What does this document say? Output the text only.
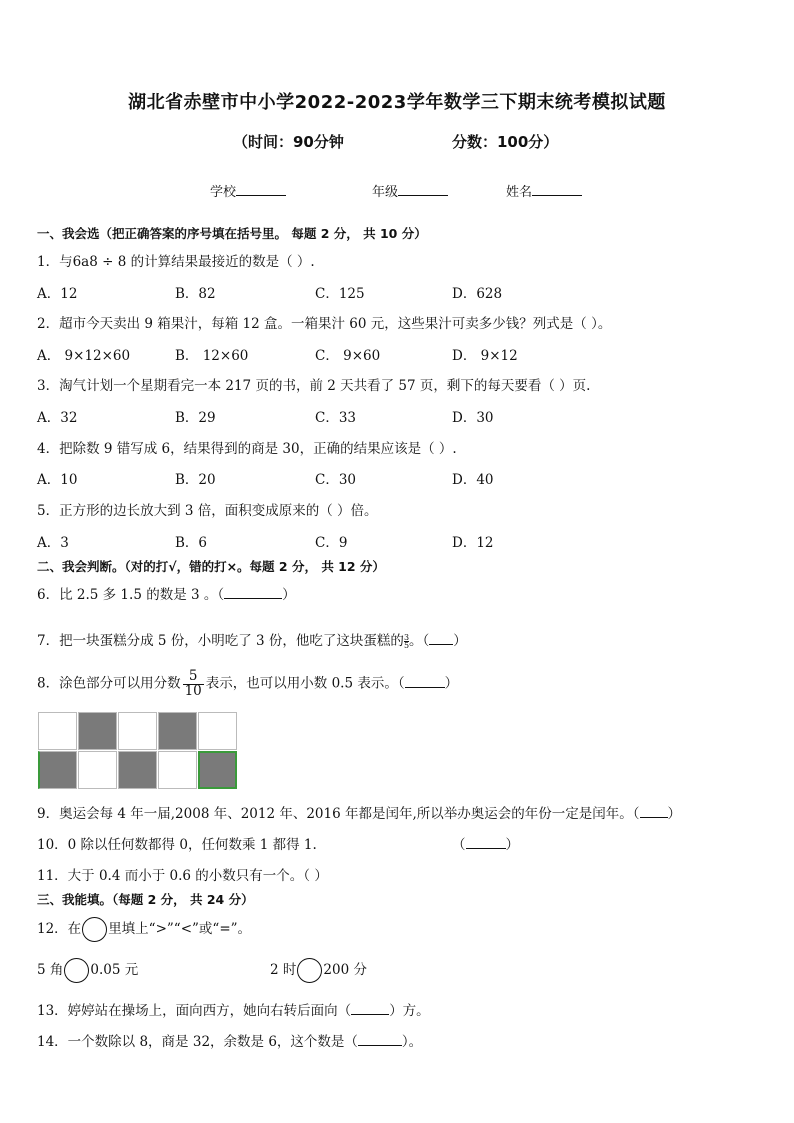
湖北省赤壁市中小学2022-2023学年数学三下期末统考模拟试题
（时间：90分钟	分数：100分）
学校	年级	姓名
一、我会选（把正确答案的序号填在括号里。 每题 2 分， 共 10 分）
1．与6a8 ÷ 8 的计算结果最接近的数是（ ）.
A．12	B．82	C．125	D．628
2．超市今天卖出 9 箱果汁，每箱 12 盒。一箱果汁 60 元，这些果汁可卖多少钱？列式是（ ）。
A． 9×12×60	B． 12×60	C． 9×60	D． 9×12
3．淘气计划一个星期看完一本 217 页的书，前 2 天共看了 57 页，剩下的每天要看（ ）页.
A．32	B．29	C．33	D．30
4．把除数 9 错写成 6，结果得到的商是 30，正确的结果应该是（ ）.
A．10	B．20	C．30	D．40
5．正方形的边长放大到 3 倍，面积变成原来的（ ）倍。
A．3	B．6	C．9	D．12
二、我会判断。（对的打√，错的打×。每题 2 分， 共 12 分）
6．比 2.5 多 1.5 的数是 3 。（	）
7．把一块蛋糕分成 5 份，小明吃了 3 份，他吃了这块蛋糕的 $\frac{3}{5}$。（ ）
8．涂色部分可以用分数 $\frac{5}{10}$ 表示，也可以用小数 0.5 表示。（	）
9．奥运会每 4 年一届,2008 年、2012 年、2016 年都是闰年,所以举办奥运会的年份一定是闰年。（ ）
10．0 除以任何数都得 0，任何数乘 1 都得 1.	（	）
11．大于 0.4 而小于 0.6 的小数只有一个。（ ）
三、我能填。（每题 2 分， 共 24 分）
12．在 里填上“>”“<”或“=”。
5 角 0.05 元	2 时 200 分
13．婷婷站在操场上，面向西方，她向右转后面向（	）方。
14．一个数除以 8，商是 32，余数是 6，这个数是（	）。
